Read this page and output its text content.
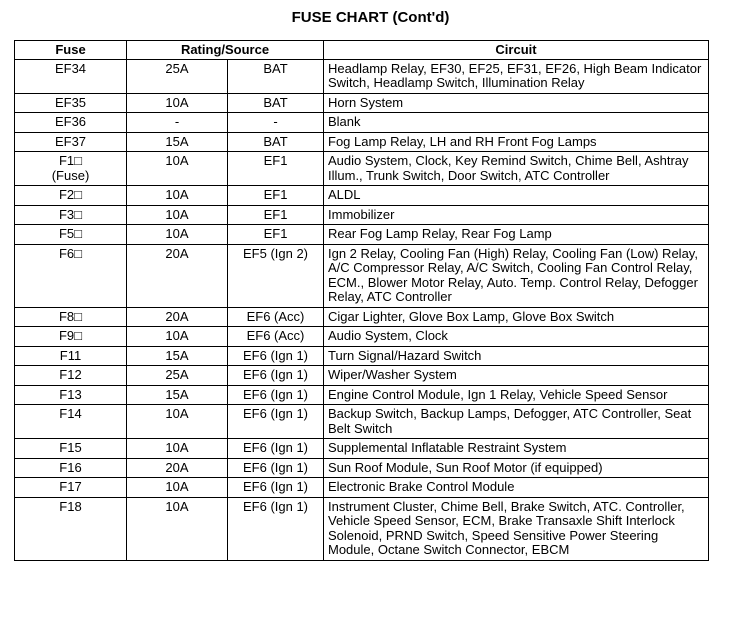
FUSE CHART (Cont'd)
Fuse	Rating/Source		Circuit

EF34	25A	BAT	Headlamp Relay, EF30, EF25, EF31, EF26, High Beam Indicator Switch, Headlamp Switch, Illumination Relay

EF35	10A	BAT	Horn System

EF36	-	-	Blank

EF37	15A	BAT	Fog Lamp Relay, LH and RH Front Fog Lamps

F1□
(Fuse)	10A	EF1	Audio System, Clock, Key Remind Switch, Chime Bell, Ashtray Illum., Trunk Switch, Door Switch, ATC Controller

F2□	10A	EF1	ALDL

F3□	10A	EF1	Immobilizer

F5□	10A	EF1	Rear Fog Lamp Relay, Rear Fog Lamp

F6□	20A	EF5 (Ign 2)	Ign 2 Relay, Cooling Fan (High) Relay, Cooling Fan (Low) Relay, A/C Compressor Relay, A/C Switch, Cooling Fan Control Relay, ECM., Blower Motor Relay, Auto. Temp. Control Relay, Defogger Relay, ATC Controller

F8□	20A	EF6 (Acc)	Cigar Lighter, Glove Box Lamp, Glove Box Switch

F9□	10A	EF6 (Acc)	Audio System, Clock

F11	15A	EF6 (Ign 1)	Turn Signal/Hazard Switch

F12	25A	EF6 (Ign 1)	Wiper/Washer System

F13	15A	EF6 (Ign 1)	Engine Control Module, Ign 1 Relay, Vehicle Speed Sensor

F14	10A	EF6 (Ign 1)	Backup Switch, Backup Lamps, Defogger, ATC Controller, Seat Belt Switch

F15	10A	EF6 (Ign 1)	Supplemental Inflatable Restraint System

F16	20A	EF6 (Ign 1)	Sun Roof Module, Sun Roof Motor (if equipped)

F17	10A	EF6 (Ign 1)	Electronic Brake Control Module

F18	10A	EF6 (Ign 1)	Instrument Cluster, Chime Bell, Brake Switch, ATC. Controller, Vehicle Speed Sensor, ECM, Brake Transaxle Shift Interlock Solenoid, PRND Switch, Speed Sensitive Power Steering Module, Octane Switch Connector, EBCM
